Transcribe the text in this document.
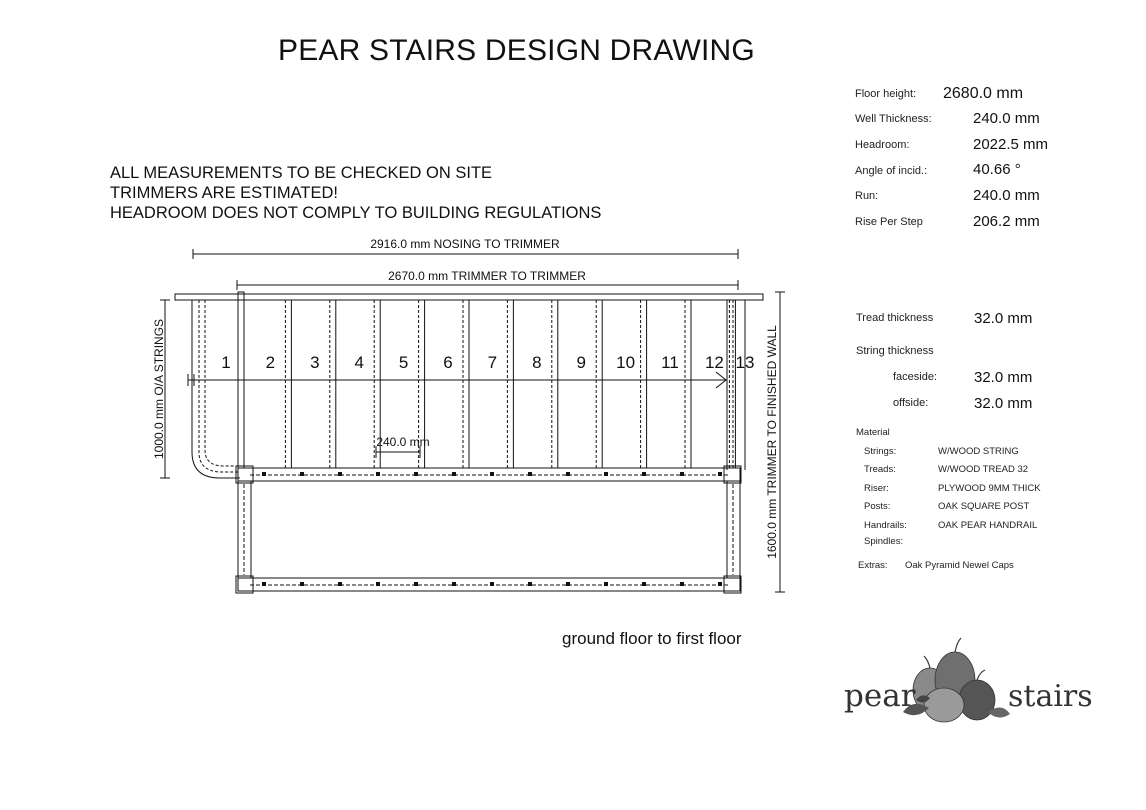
PEAR STAIRS DESIGN DRAWING
ALL MEASUREMENTS TO BE CHECKED ON SITE
TRIMMERS ARE ESTIMATED!
HEADROOM DOES NOT COMPLY TO BUILDING REGULATIONS
Floor height: 2680.0 mm
Well Thickness:	240.0 mm
Headroom:	2022.5 mm
Angle of incid.:	40.66 °
Run:	240.0 mm
Rise Per Step	206.2 mm
Tread thickness	32.0 mm
String thickness
faceside: 32.0 mm
offside:	32.0 mm
Material
Strings:	W/WOOD STRING
Treads:	W/WOOD TREAD 32
Riser:	PLYWOOD 9MM THICK
Posts:	OAK SQUARE POST
Handrails:	OAK PEAR HANDRAIL
Spindles:
Extras: Oak Pyramid Newel Caps
1 2 3 4 5 6 7 8 9 10 11 12 13
2916.0 mm NOSING TO TRIMMER
2670.0 mm TRIMMER TO TRIMMER
1000.0 mm O/A STRINGS	1600.0 mm TRIMMER TO FINISHED WALL
240.0 mm
pear	stairs
ground floor to first floor
